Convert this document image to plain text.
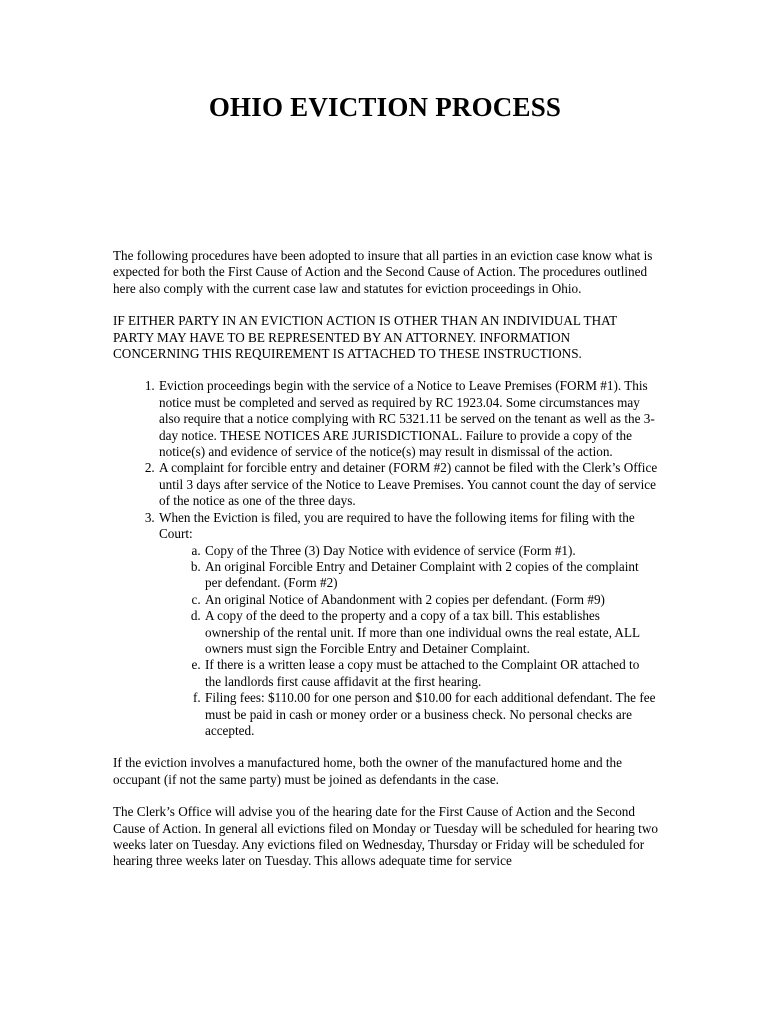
OHIO EVICTION PROCESS

The following procedures have been adopted to insure that all parties in an eviction case know what is expected for both the First Cause of Action and the Second Cause of Action. The procedures outlined here also comply with the current case law and statutes for eviction proceedings in Ohio.

IF EITHER PARTY IN AN EVICTION ACTION IS OTHER THAN AN INDIVIDUAL THAT PARTY MAY HAVE TO BE REPRESENTED BY AN ATTORNEY. INFORMATION CONCERNING THIS REQUIREMENT IS ATTACHED TO THESE INSTRUCTIONS.

1. Eviction proceedings begin with the service of a Notice to Leave Premises (FORM #1). This notice must be completed and served as required by RC 1923.04. Some circumstances may also require that a notice complying with RC 5321.11 be served on the tenant as well as the 3-day notice. THESE NOTICES ARE JURISDICTIONAL. Failure to provide a copy of the notice(s) and evidence of service of the notice(s) may result in dismissal of the action.
2. A complaint for forcible entry and detainer (FORM #2) cannot be filed with the Clerk’s Office until 3 days after service of the Notice to Leave Premises. You cannot count the day of service of the notice as one of the three days.
3. When the Eviction is filed, you are required to have the following items for filing with the Court:
a. Copy of the Three (3) Day Notice with evidence of service (Form #1).
b. An original Forcible Entry and Detainer Complaint with 2 copies of the complaint per defendant. (Form #2)
c. An original Notice of Abandonment with 2 copies per defendant. (Form #9)
d. A copy of the deed to the property and a copy of a tax bill. This establishes ownership of the rental unit. If more than one individual owns the real estate, ALL owners must sign the Forcible Entry and Detainer Complaint.
e. If there is a written lease a copy must be attached to the Complaint OR attached to the landlords first cause affidavit at the first hearing.
f. Filing fees: $110.00 for one person and $10.00 for each additional defendant. The fee must be paid in cash or money order or a business check. No personal checks are accepted.

If the eviction involves a manufactured home, both the owner of the manufactured home and the occupant (if not the same party) must be joined as defendants in the case.

The Clerk’s Office will advise you of the hearing date for the First Cause of Action and the Second Cause of Action. In general all evictions filed on Monday or Tuesday will be scheduled for hearing two weeks later on Tuesday. Any evictions filed on Wednesday, Thursday or Friday will be scheduled for hearing three weeks later on Tuesday. This allows adequate time for service
